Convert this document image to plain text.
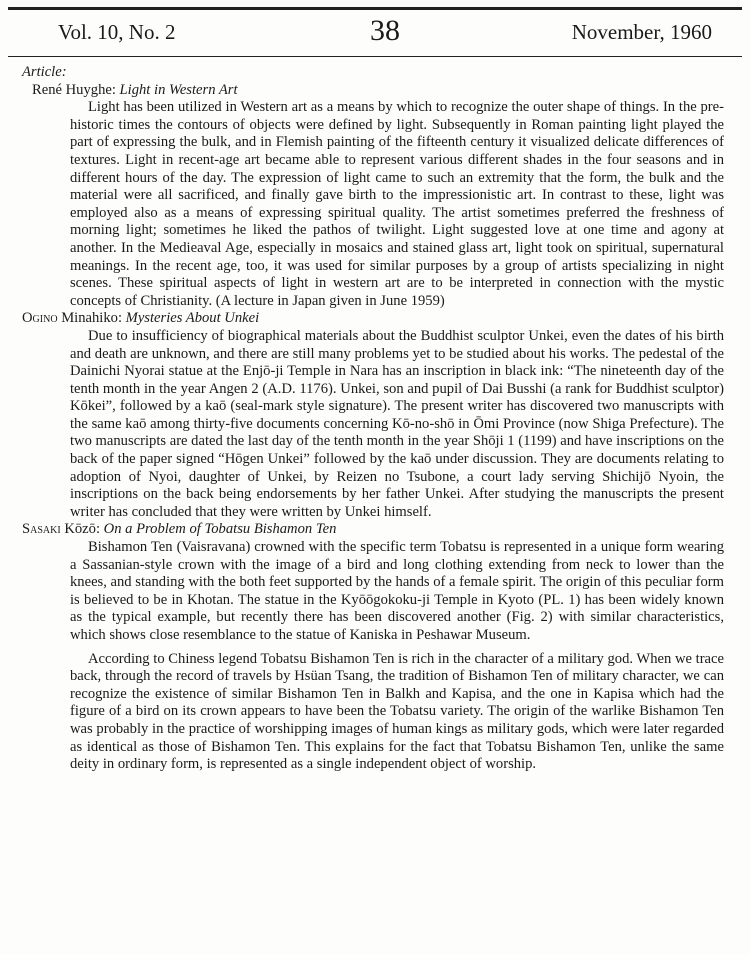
Vol. 10, No. 2	38	November, 1960

Article:

René Huyghe: Light in Western Art

Light has been utilized in Western art as a means by which to recognize the outer shape of things. In the pre-historic times the contours of objects were defined by light. Subsequently in Roman painting light played the part of expressing the bulk, and in Flemish painting of the fifteenth century it visualized delicate differences of textures. Light in recent-age art became able to represent various different shades in the four seasons and in different hours of the day. The expression of light came to such an extremity that the form, the bulk and the material were all sacrificed, and finally gave birth to the impressionistic art. In contrast to these, light was employed also as a means of expressing spiritual quality. The artist sometimes preferred the freshness of morning light; sometimes he liked the pathos of twilight. Light suggested love at one time and agony at another. In the Medieaval Age, especially in mosaics and stained glass art, light took on spiritual, supernatural meanings. In the recent age, too, it was used for similar purposes by a group of artists specializing in night scenes. These spiritual aspects of light in western art are to be interpreted in connection with the mystic concepts of Christianity. (A lecture in Japan given in June 1959)

Ogino Minahiko: Mysteries About Unkei

Due to insufficiency of biographical materials about the Buddhist sculptor Unkei, even the dates of his birth and death are unknown, and there are still many problems yet to be studied about his works. The pedestal of the Dainichi Nyorai statue at the Enjō-ji Temple in Nara has an inscription in black ink: “The nineteenth day of the tenth month in the year Angen 2 (A.D. 1176). Unkei, son and pupil of Dai Busshi (a rank for Buddhist sculptor) Kōkei”, followed by a kaō (seal-mark style signature). The present writer has discovered two manuscripts with the same kaō among thirty-five documents concerning Kō-no-shō in Ōmi Province (now Shiga Prefecture). The two manuscripts are dated the last day of the tenth month in the year Shōji 1 (1199) and have inscriptions on the back of the paper signed “Hōgen Unkei” followed by the kaō under discussion. They are documents relating to adoption of Nyoi, daughter of Unkei, by Reizen no Tsubone, a court lady serving Shichijō Nyoin, the inscriptions on the back being endorsements by her father Unkei. After studying the manuscripts the present writer has concluded that they were written by Unkei himself.

Sasaki Kōzō: On a Problem of Tobatsu Bishamon Ten

Bishamon Ten (Vaisravana) crowned with the specific term Tobatsu is represented in a unique form wearing a Sassanian-style crown with the image of a bird and long clothing extending from neck to lower than the knees, and standing with the both feet supported by the hands of a female spirit. The origin of this peculiar form is believed to be in Khotan. The statue in the Kyōōgokoku-ji Temple in Kyoto (PL. 1) has been widely known as the typical example, but recently there has been discovered another (Fig. 2) with similar characteristics, which shows close resemblance to the statue of Kaniska in Peshawar Museum.

According to Chiness legend Tobatsu Bishamon Ten is rich in the character of a military god. When we trace back, through the record of travels by Hsüan Tsang, the tradition of Bishamon Ten of military character, we can recognize the existence of similar Bishamon Ten in Balkh and Kapisa, and the one in Kapisa which had the figure of a bird on its crown appears to have been the Tobatsu variety. The origin of the warlike Bishamon Ten was probably in the practice of worshipping images of human kings as military gods, which were later regarded as identical as those of Bishamon Ten. This explains for the fact that Tobatsu Bishamon Ten, unlike the same deity in ordinary form, is represented as a single independent object of worship.
